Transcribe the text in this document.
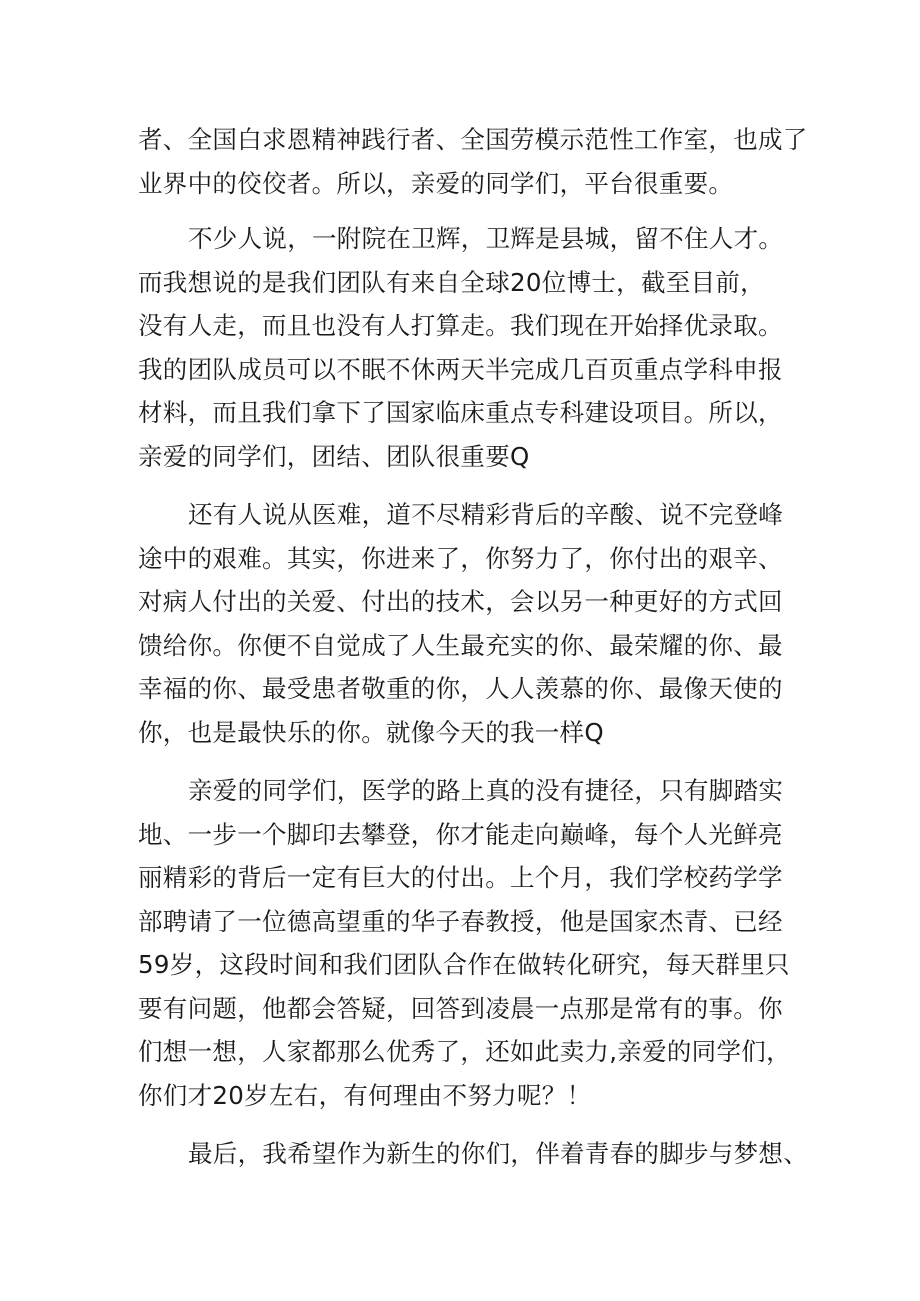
者、全国白求恩精神践行者、全国劳模示范性工作室，也成了
业界中的佼佼者。所以，亲爱的同学们，平台很重要。
不少人说，一附院在卫辉，卫辉是县城，留不住人才。
而我想说的是我们团队有来自全球20位博士，截至目前，
没有人走，而且也没有人打算走。我们现在开始择优录取。
我的团队成员可以不眠不休两天半完成几百页重点学科申报
材料，而且我们拿下了国家临床重点专科建设项目。所以，
亲爱的同学们，团结、团队很重要Q
还有人说从医难，道不尽精彩背后的辛酸、说不完登峰
途中的艰难。其实，你进来了，你努力了，你付出的艰辛、
对病人付出的关爱、付出的技术，会以另一种更好的方式回
馈给你。你便不自觉成了人生最充实的你、最荣耀的你、最
幸福的你、最受患者敬重的你，人人羡慕的你、最像天使的
你，也是最快乐的你。就像今天的我一样Q
亲爱的同学们，医学的路上真的没有捷径，只有脚踏实
地、一步一个脚印去攀登，你才能走向巅峰，每个人光鲜亮
丽精彩的背后一定有巨大的付出。上个月，我们学校药学学
部聘请了一位德高望重的华子春教授，他是国家杰青、已经
59岁，这段时间和我们团队合作在做转化研究，每天群里只
要有问题，他都会答疑，回答到凌晨一点那是常有的事。你
们想一想，人家都那么优秀了，还如此卖力,亲爱的同学们，
你们才20岁左右，有何理由不努力呢？！
最后，我希望作为新生的你们，伴着青春的脚步与梦想、
